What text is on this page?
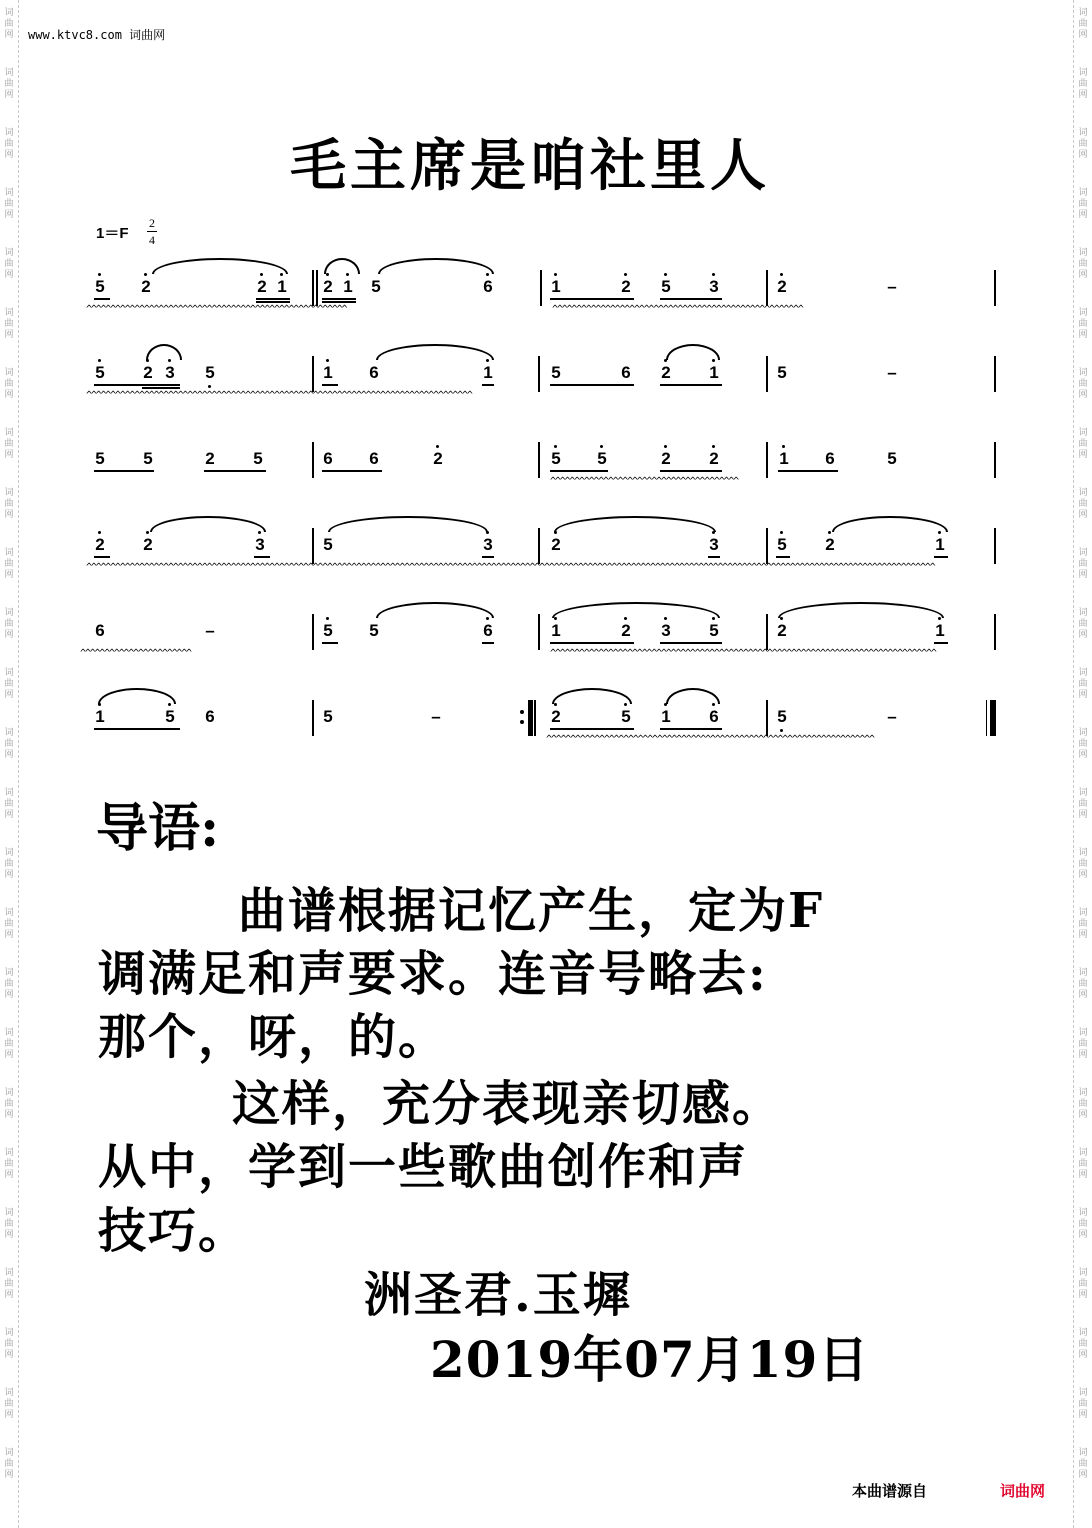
词
曲
网
词
曲
网
词
曲
网
词
曲
网
词
曲
网
词
曲
网
词
曲
网
词
曲
网
词
曲
网
词
曲
网
词
曲
网
词
曲
网
词
曲
网
词
曲
网
词
曲
网
词
曲
网
词
曲
网
词
曲
网
词
曲
网
词
曲
网
词
曲
网
词
曲
网
词
曲
网
词
曲
网
词
曲
网
词
曲
网
词
曲
网
词
曲
网
词
曲
网
词
曲
网
词
曲
网
词
曲
网
词
曲
网
词
曲
网
词
曲
网
词
曲
网
词
曲
网
词
曲
网
词
曲
网
词
曲
网
词
曲
网
词
曲
网
词
曲
网
词
曲
网
词
曲
网
词
曲
网
词
曲
网
词
曲
网
词
曲
网
词
曲
网
www.ktvc8.com 词曲网
毛主席是咱社里人
1＝F
2
4
5 2	2 1 2 1 5	6	1	2 5 3	2	–
^^^^^^^^^^^^^^^^^^^^^^^^^^^^^^^^^^^^^^^^^^^^^^^^^^^^^^	^^^^^^^^^^^^^^^^^^^^^^^^^^^^^^^^^^^^^^^^^^^^^^^^^^^^
5 2 3 5	1 6	1	5	6 2 1	5	–
^^^^^^^^^^^^^^^^^^^^^^^^^^^^^^^^^^^^^^^^^^^^^^^^^^^^^^^^^^^^^^^^^^^^^^^^^^^^^^^^
5 5	2 5	6 6	2	5 5	2 2	1 6	5
^^^^^^^^^^^^^^^^^^^^^^^^^^^^^^^^^^^^^^^
2 2	3	5	3	2	3	5 2	1
^^^^^^^^^^^^^^^^^^^^^^^^^^^^^^^^^^^^^^^^^^^^^^^^^^^^^^^^^^^^^^^^^^^^^^^^^^^^^^^^^^^^^^^^^^^^^^^^^^^^^^^^^^^^^^^^^^^^^^^^^^^^^^^^^^^^^^^^^^^^^^^^^^^^^^^^^^^^^^^^^^^^^^^^^^^^^^^^
6	–	5 5	6	1	2 3 5	2	1
^^^^^^^^^^^^^^^^^^^^^^^	^^^^^^^^^^^^^^^^^^^^^^^^^^^^^^^^^^^^^^^^^^^^^^^^^^^^^^^^^^^^^^^^^^^^^^^^^^^^^^^^
1	5 6	5	–	2	5 1 6	5	–
^^^^^^^^^^^^^^^^^^^^^^^^^^^^^^^^^^^^^^^^^^^^^^^^^^^^^^^^^^^^^^^^^^^^
导语:
曲谱根据记忆产生，定为F
调满足和声要求。连音号略去:
那个，呀，的。
这样，充分表现亲切感。
从中，学到一些歌曲创作和声
技巧。
洲圣君.玉墀
2019年07月19日
本曲谱源自	词曲网
